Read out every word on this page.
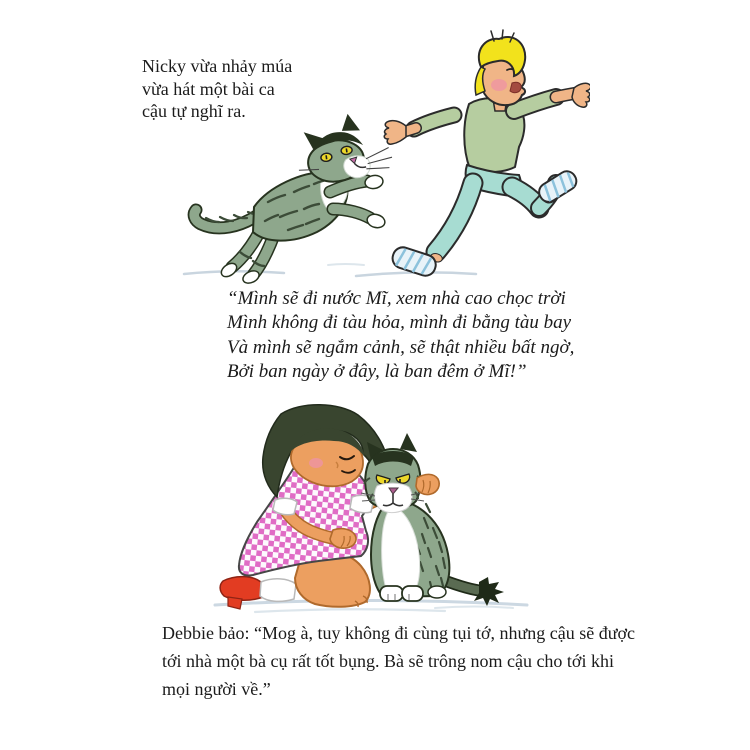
Nicky vừa nhảy múa
vừa hát một bài ca
cậu tự nghĩ ra.
“Mình sẽ đi nước Mĩ, xem nhà cao chọc trời
Mình không đi tàu hỏa, mình đi bằng tàu bay
Và mình sẽ ngắm cảnh, sẽ thật nhiều bất ngờ,
Bởi ban ngày ở đây, là ban đêm ở Mĩ!”
Debbie bảo: “Mog à, tuy không đi cùng tụi tớ, nhưng cậu sẽ được
tới nhà một bà cụ rất tốt bụng. Bà sẽ trông nom cậu cho tới khi
mọi người về.”
